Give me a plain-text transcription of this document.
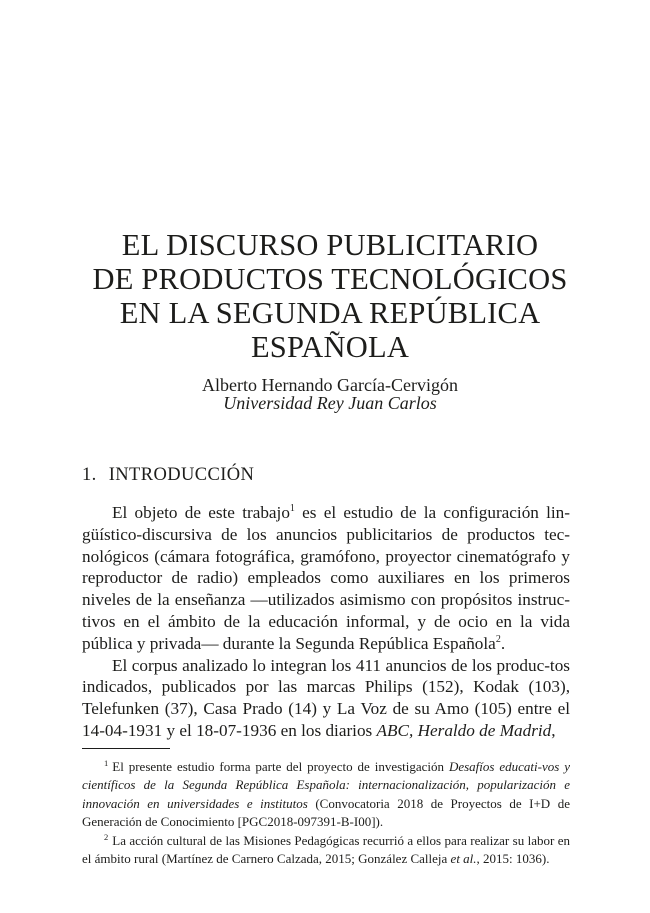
EL DISCURSO PUBLICITARIO
DE PRODUCTOS TECNOLÓGICOS
EN LA SEGUNDA REPÚBLICA
ESPAÑOLA
Alberto Hernando García-Cervigón
Universidad Rey Juan Carlos
1. INTRODUCCIÓN

El objeto de este trabajo$^1$ es el estudio de la configuración lin-güístico-discursiva de los anuncios publicitarios de productos tec-nológicos (cámara fotográfica, gramófono, proyector cinematógrafo y reproductor de radio) empleados como auxiliares en los primeros niveles de la enseñanza —utilizados asimismo con propósitos instruc-tivos en el ámbito de la educación informal, y de ocio en la vida pública y privada— durante la Segunda República Española$^2$.

El corpus analizado lo integran los 411 anuncios de los produc-tos indicados, publicados por las marcas Philips (152), Kodak (103), Telefunken (37), Casa Prado (14) y La Voz de su Amo (105) entre el 14-04-1931 y el 18-07-1936 en los diarios ABC, Heraldo de Madrid,

$^1$ El presente estudio forma parte del proyecto de investigación Desafíos educati-vos y científicos de la Segunda República Española: internacionalización, popularización e innovación en universidades e institutos (Convocatoria 2018 de Proyectos de I+D de Generación de Conocimiento [PGC2018-097391-B-I00]).

$^2$ La acción cultural de las Misiones Pedagógicas recurrió a ellos para realizar su labor en el ámbito rural (Martínez de Carnero Calzada, 2015; González Calleja et al., 2015: 1036).
